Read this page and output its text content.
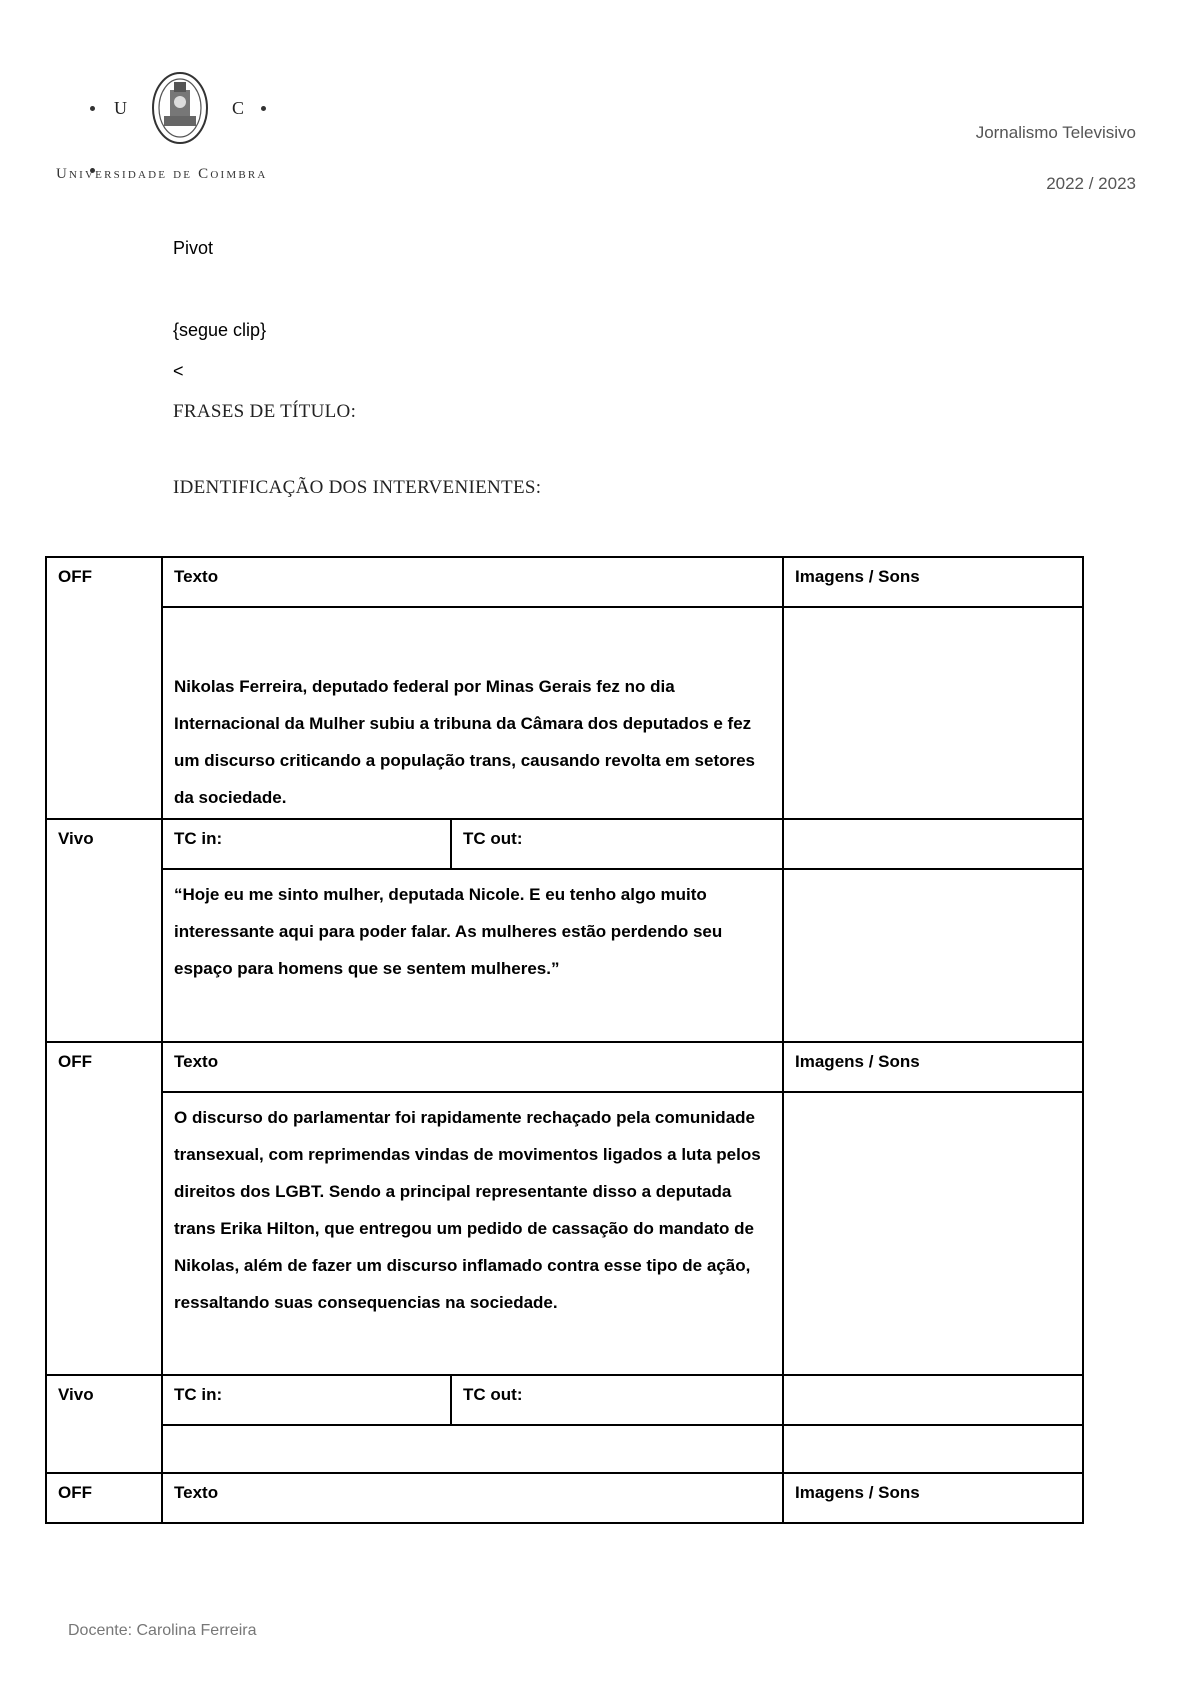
U	C
Universidade de Coimbra
Jornalismo Televisivo
2022 / 2023
Pivot
{segue clip}
<
FRASES DE TÍTULO:
IDENTIFICAÇÃO DOS INTERVENIENTES:
OFF	Texto		Imagens / Sons
	Nikolas Ferreira, deputado federal por Minas Gerais fez no dia Internacional da Mulher subiu a tribuna da Câmara dos deputados e fez um discurso criticando a população trans, causando revolta em setores da sociedade.		
Vivo	TC in:	TC out:	
	“Hoje eu me sinto mulher, deputada Nicole. E eu tenho algo muito interessante aqui para poder falar. As mulheres estão perdendo seu espaço para homens que se sentem mulheres.”		
OFF	Texto		Imagens / Sons
	O discurso do parlamentar foi rapidamente rechaçado pela comunidade transexual, com reprimendas vindas de movimentos ligados a luta pelos direitos dos LGBT. Sendo a principal representante disso a deputada trans Erika Hilton, que entregou um pedido de cassação do mandato de Nikolas, além de fazer um discurso inflamado contra esse tipo de ação, ressaltando suas consequencias na sociedade.		
Vivo	TC in:	TC out:	

OFF	Texto		Imagens / Sons
Docente: Carolina Ferreira
